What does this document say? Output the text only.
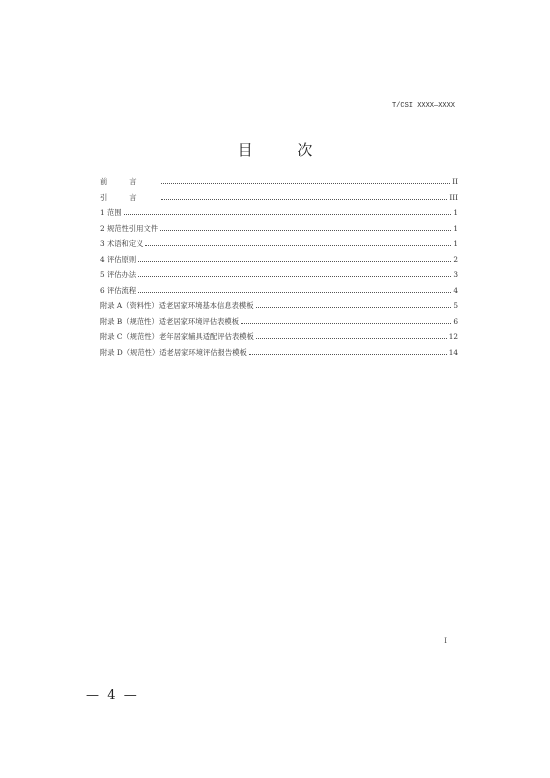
T/CSI XXXX—XXXX
目 次
前言	II
引言	III
1 范围	1
2 规范性引用文件	1
3 术语和定义	1
4 评估原则	2
5 评估办法	3
6 评估流程	4
附录 A（资料性）适老居家环境基本信息表模板	5
附录 B（规范性）适老居家环境评估表模板	6
附录 C（规范性）老年居家辅具适配评估表模板	12
附录 D（规范性）适老居家环境评估报告模板	14
I
—  4  —
